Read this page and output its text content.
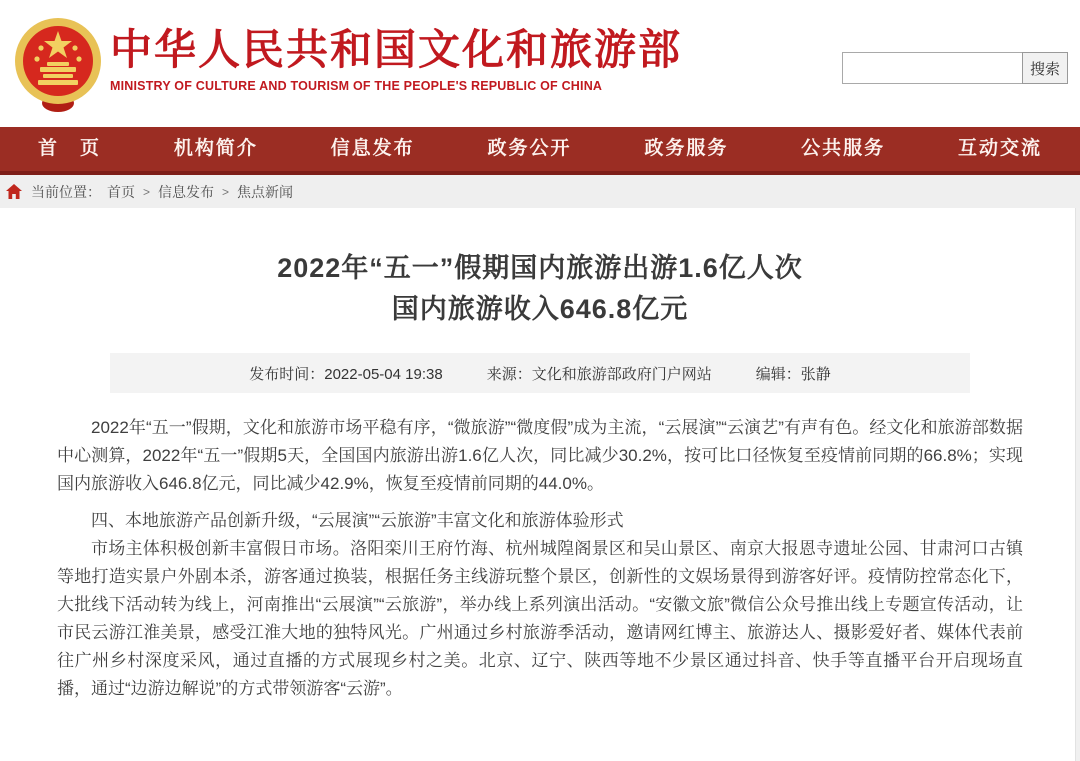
中华人民共和国文化和旅游部
MINISTRY OF CULTURE AND TOURISM OF THE PEOPLE'S REPUBLIC OF CHINA
搜索
首　页	机构简介	信息发布	政务公开	政务服务	公共服务	互动交流
当前位置： 首页 > 信息发布 > 焦点新闻
2022年“五一”假期国内旅游出游1.6亿人次
国内旅游收入646.8亿元
发布时间：2022-05-04 19:38	来源：文化和旅游部政府门户网站	编辑：张静

2022年“五一”假期，文化和旅游市场平稳有序，“微旅游”“微度假”成为主流，“云展演”“云演艺”有声有色。经文化和旅游部数据中心测算，2022年“五一”假期5天，全国国内旅游出游1.6亿人次，同比减少30.2%，按可比口径恢复至疫情前同期的66.8%；实现国内旅游收入646.8亿元，同比减少42.9%，恢复至疫情前同期的44.0%。

四、本地旅游产品创新升级，“云展演”“云旅游”丰富文化和旅游体验形式

市场主体积极创新丰富假日市场。洛阳栾川王府竹海、杭州城隍阁景区和吴山景区、南京大报恩寺遗址公园、甘肃河口古镇等地打造实景户外剧本杀，游客通过换装，根据任务主线游玩整个景区，创新性的文娱场景得到游客好评。疫情防控常态化下，大批线下活动转为线上，河南推出“云展演”“云旅游”，举办线上系列演出活动。“安徽文旅”微信公众号推出线上专题宣传活动，让市民云游江淮美景，感受江淮大地的独特风光。广州通过乡村旅游季活动，邀请网红博主、旅游达人、摄影爱好者、媒体代表前往广州乡村深度采风，通过直播的方式展现乡村之美。北京、辽宁、陕西等地不少景区通过抖音、快手等直播平台开启现场直播，通过“边游边解说”的方式带领游客“云游”。
